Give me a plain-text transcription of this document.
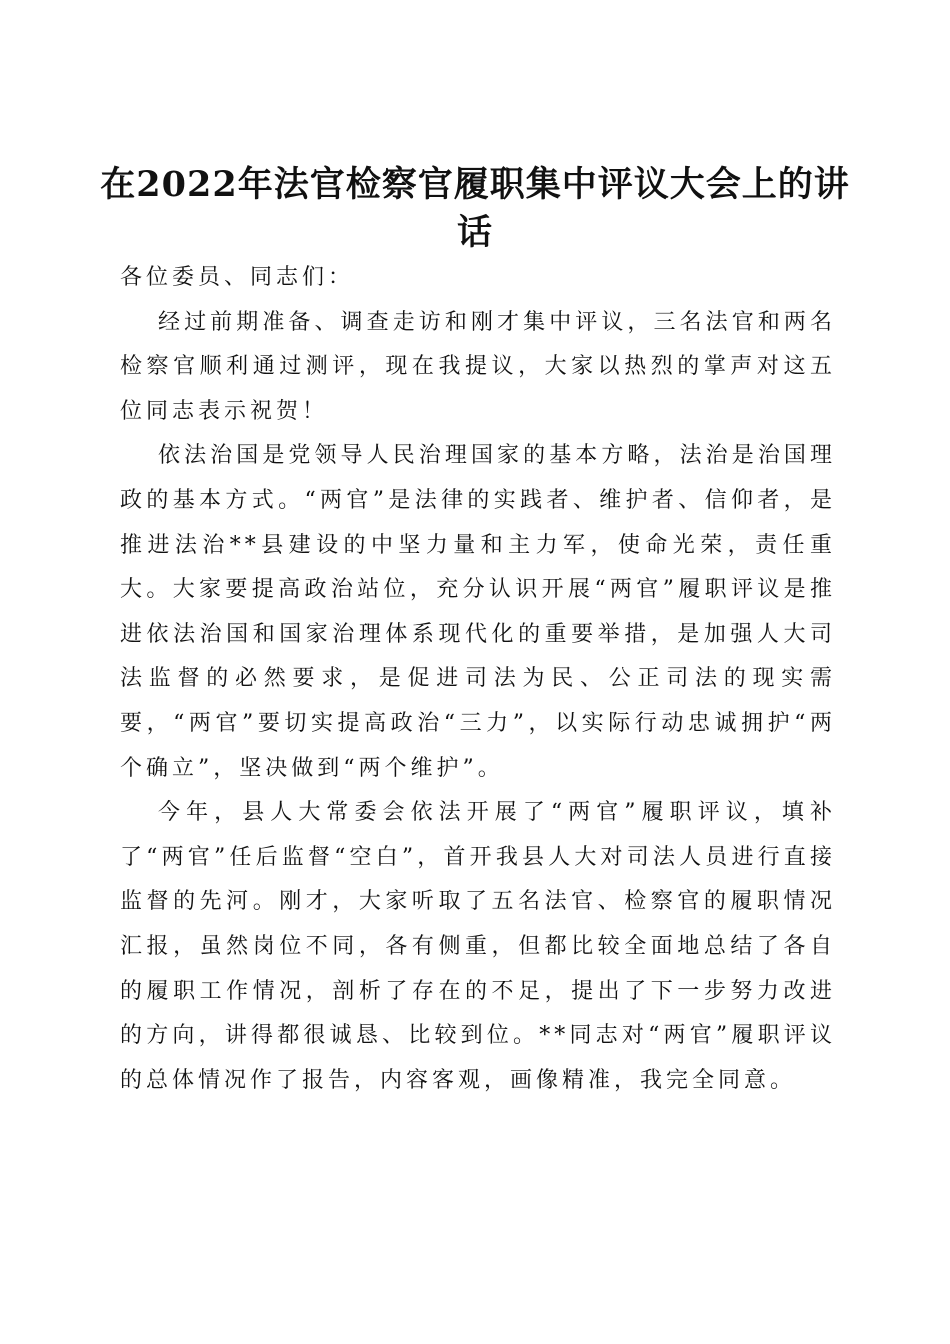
在2022年法官检察官履职集中评议大会上的讲话

各位委员、同志们：

经过前期准备、调查走访和刚才集中评议，三名法官和两名检察官顺利通过测评，现在我提议，大家以热烈的掌声对这五位同志表示祝贺！

依法治国是党领导人民治理国家的基本方略，法治是治国理政的基本方式。“两官”是法律的实践者、维护者、信仰者，是推进法治**县建设的中坚力量和主力军，使命光荣，责任重大。大家要提高政治站位，充分认识开展“两官”履职评议是推进依法治国和国家治理体系现代化的重要举措，是加强人大司法监督的必然要求，是促进司法为民、公正司法的现实需要，“两官”要切实提高政治“三力”，以实际行动忠诚拥护“两个确立”，坚决做到“两个维护”。

今年，县人大常委会依法开展了“两官”履职评议，填补了“两官”任后监督“空白”，首开我县人大对司法人员进行直接监督的先河。刚才，大家听取了五名法官、检察官的履职情况汇报，虽然岗位不同，各有侧重，但都比较全面地总结了各自的履职工作情况，剖析了存在的不足，提出了下一步努力改进的方向，讲得都很诚恳、比较到位。**同志对“两官”履职评议的总体情况作了报告，内容客观，画像精准，我完全同意。
